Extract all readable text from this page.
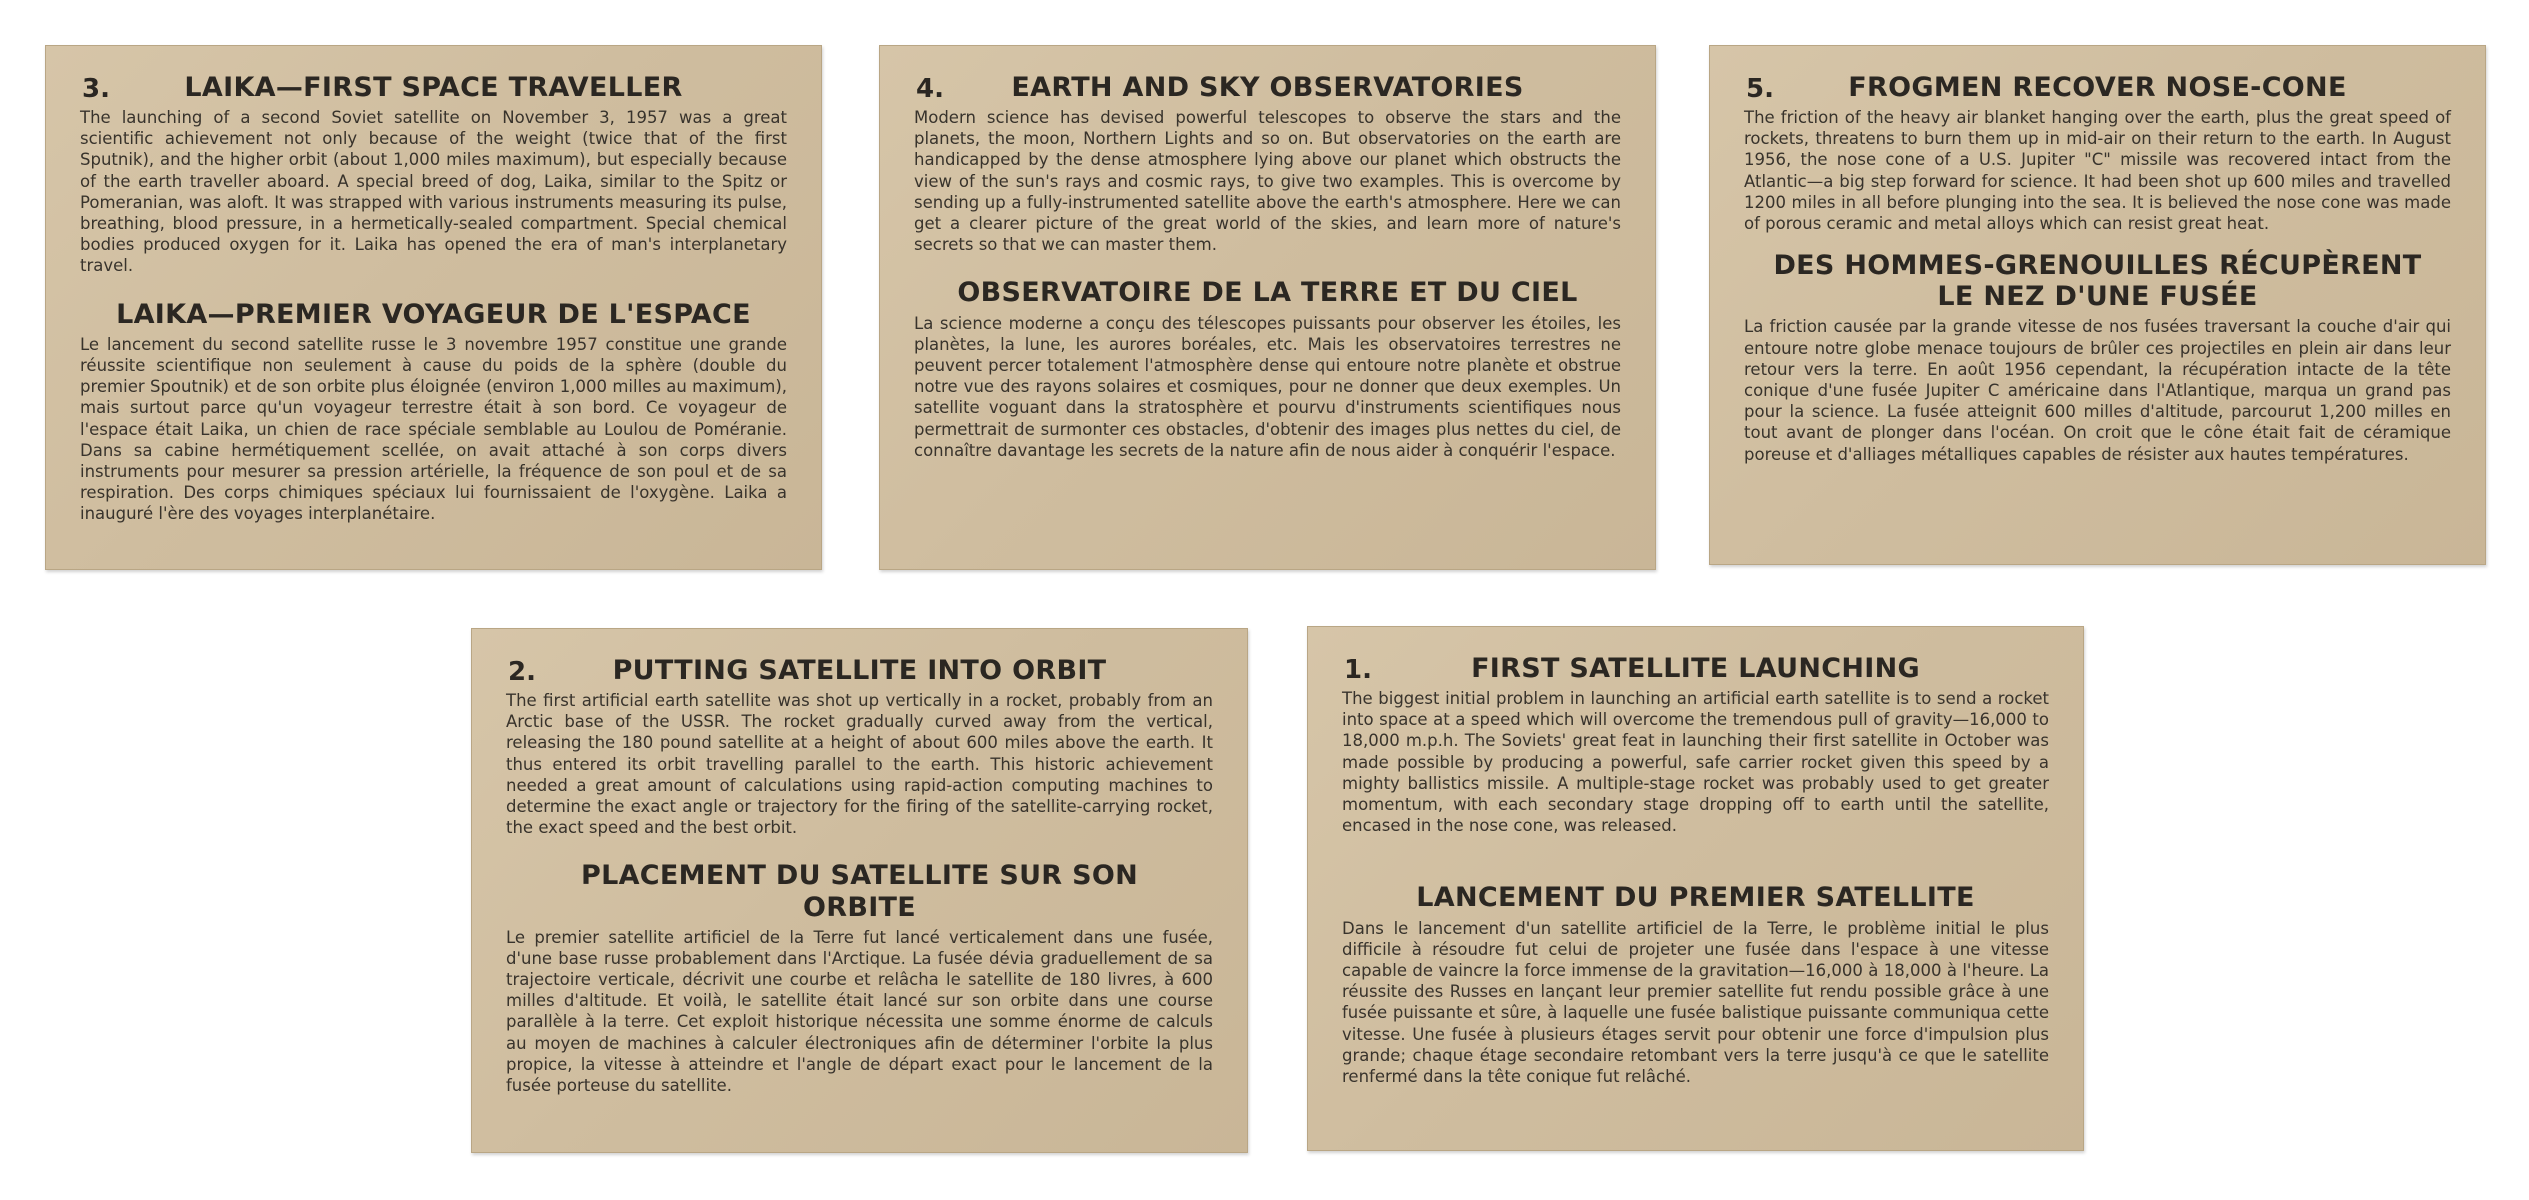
3.	LAIKA—FIRST SPACE TRAVELLER

The launching of a second Soviet satellite on November 3, 1957 was a great scientific achievement not only because of the weight (twice that of the first Sputnik), and the higher orbit (about 1,000 miles maximum), but especially because of the earth traveller aboard. A special breed of dog, Laika, similar to the Spitz or Pomeranian, was aloft. It was strapped with various instruments measuring its pulse, breathing, blood pressure, in a hermetically-sealed compartment. Special chemical bodies produced oxygen for it. Laika has opened the era of man's interplanetary travel.

LAIKA—PREMIER VOYAGEUR DE L'ESPACE

Le lancement du second satellite russe le 3 novembre 1957 constitue une grande réussite scientifique non seulement à cause du poids de la sphère (double du premier Spoutnik) et de son orbite plus éloignée (environ 1,000 milles au maximum), mais surtout parce qu'un voyageur terrestre était à son bord. Ce voyageur de l'espace était Laika, un chien de race spéciale semblable au Loulou de Poméranie. Dans sa cabine hermétiquement scellée, on avait attaché à son corps divers instruments pour mesurer sa pression artérielle, la fréquence de son poul et de sa respiration. Des corps chimiques spéciaux lui fournissaient de l'oxygène. Laika a inauguré l'ère des voyages interplanétaire.

4.	EARTH AND SKY OBSERVATORIES

Modern science has devised powerful telescopes to observe the stars and the planets, the moon, Northern Lights and so on. But observatories on the earth are handicapped by the dense atmosphere lying above our planet which obstructs the view of the sun's rays and cosmic rays, to give two examples. This is overcome by sending up a fully-instrumented satellite above the earth's atmosphere. Here we can get a clearer picture of the great world of the skies, and learn more of nature's secrets so that we can master them.

OBSERVATOIRE DE LA TERRE ET DU CIEL

La science moderne a conçu des télescopes puissants pour observer les étoiles, les planètes, la lune, les aurores boréales, etc. Mais les observatoires terrestres ne peuvent percer totalement l'atmosphère dense qui entoure notre planète et obstrue notre vue des rayons solaires et cosmiques, pour ne donner que deux exemples. Un satellite voguant dans la stratosphère et pourvu d'instruments scientifiques nous permettrait de surmonter ces obstacles, d'obtenir des images plus nettes du ciel, de connaître davantage les secrets de la nature afin de nous aider à conquérir l'espace.

5.	FROGMEN RECOVER NOSE-CONE

The friction of the heavy air blanket hanging over the earth, plus the great speed of rockets, threatens to burn them up in mid-air on their return to the earth. In August 1956, the nose cone of a U.S. Jupiter "C" missile was recovered intact from the Atlantic—a big step forward for science. It had been shot up 600 miles and travelled 1200 miles in all before plunging into the sea. It is believed the nose cone was made of porous ceramic and metal alloys which can resist great heat.

DES HOMMES-GRENOUILLES RÉCUPÈRENT LE NEZ D'UNE FUSÉE

La friction causée par la grande vitesse de nos fusées traversant la couche d'air qui entoure notre globe menace toujours de brûler ces projectiles en plein air dans leur retour vers la terre. En août 1956 cependant, la récupération intacte de la tête conique d'une fusée Jupiter C américaine dans l'Atlantique, marqua un grand pas pour la science. La fusée atteignit 600 milles d'altitude, parcourut 1,200 milles en tout avant de plonger dans l'océan. On croit que le cône était fait de céramique poreuse et d'alliages métalliques capables de résister aux hautes températures.

2.	PUTTING SATELLITE INTO ORBIT

The first artificial earth satellite was shot up vertically in a rocket, probably from an Arctic base of the USSR. The rocket gradually curved away from the vertical, releasing the 180 pound satellite at a height of about 600 miles above the earth. It thus entered its orbit travelling parallel to the earth. This historic achievement needed a great amount of calculations using rapid-action computing machines to determine the exact angle or trajectory for the firing of the satellite-carrying rocket, the exact speed and the best orbit.

PLACEMENT DU SATELLITE SUR SON ORBITE

Le premier satellite artificiel de la Terre fut lancé verticalement dans une fusée, d'une base russe probablement dans l'Arctique. La fusée dévia graduellement de sa trajectoire verticale, décrivit une courbe et relâcha le satellite de 180 livres, à 600 milles d'altitude. Et voilà, le satellite était lancé sur son orbite dans une course parallèle à la terre. Cet exploit historique nécessita une somme énorme de calculs au moyen de machines à calculer électroniques afin de déterminer l'orbite la plus propice, la vitesse à atteindre et l'angle de départ exact pour le lancement de la fusée porteuse du satellite.

1.	FIRST SATELLITE LAUNCHING

The biggest initial problem in launching an artificial earth satellite is to send a rocket into space at a speed which will overcome the tremendous pull of gravity—16,000 to 18,000 m.p.h. The Soviets' great feat in launching their first satellite in October was made possible by producing a powerful, safe carrier rocket given this speed by a mighty ballistics missile. A multiple-stage rocket was probably used to get greater momentum, with each secondary stage dropping off to earth until the satellite, encased in the nose cone, was released.

LANCEMENT DU PREMIER SATELLITE

Dans le lancement d'un satellite artificiel de la Terre, le problème initial le plus difficile à résoudre fut celui de projeter une fusée dans l'espace à une vitesse capable de vaincre la force immense de la gravitation—16,000 à 18,000 à l'heure. La réussite des Russes en lançant leur premier satellite fut rendu possible grâce à une fusée puissante et sûre, à laquelle une fusée balistique puissante communiqua cette vitesse. Une fusée à plusieurs étages servit pour obtenir une force d'impulsion plus grande; chaque étage secondaire retombant vers la terre jusqu'à ce que le satellite renfermé dans la tête conique fut relâché.
